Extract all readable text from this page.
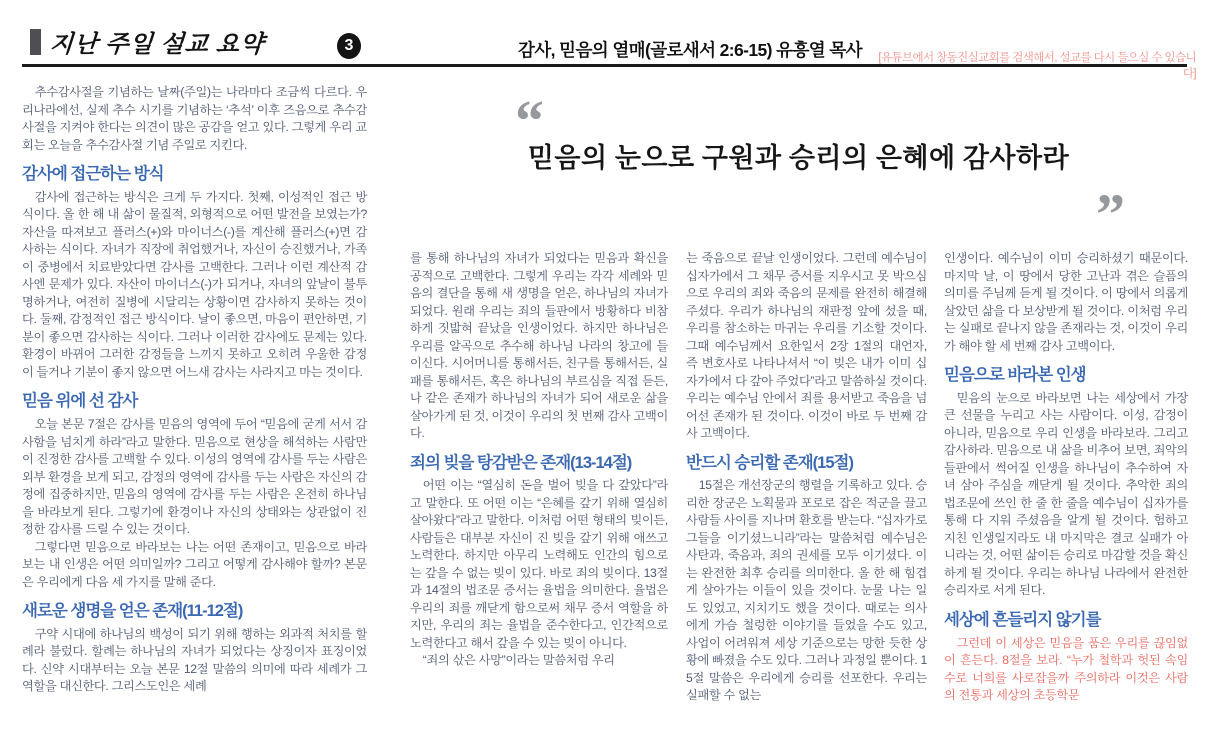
지난 주일 설교 요약	3	감사, 믿음의 열매(골로새서 2:6-15) 유흥열 목사	[유튜브에서 창동진실교회를 검색해서, 설교를 다시 들으실 수 있습니다]
“
믿음의 눈으로 구원과 승리의 은혜에 감사하라
”

추수감사절을 기념하는 날짜(주일)는 나라마다 조금씩 다르다. 우리나라에선, 실제 추수 시기를 기념하는 ‘추석’ 이후 즈음으로 추수감사절을 지켜야 한다는 의견이 많은 공감을 얻고 있다. 그렇게 우리 교회는 오늘을 추수감사절 기념 주일로 지킨다.

감사에 접근하는 방식

감사에 접근하는 방식은 크게 두 가지다. 첫째, 이성적인 접근 방식이다. 올 한 해 내 삶이 물질적, 외형적으로 어떤 발전을 보였는가? 자산을 따져보고 플러스(+)와 마이너스(-)를 계산해 플러스(+)면 감사하는 식이다. 자녀가 직장에 취업했거나, 자신이 승진했거나, 가족이 중병에서 치료받았다면 감사를 고백한다. 그러나 이런 계산적 감사엔 문제가 있다. 자산이 마이너스(-)가 되거나, 자녀의 앞날이 불투명하거나, 여전히 질병에 시달리는 상황이면 감사하지 못하는 것이다. 둘째, 감정적인 접근 방식이다. 날이 좋으면, 마음이 편안하면, 기분이 좋으면 감사하는 식이다. 그러나 이러한 감사에도 문제는 있다. 환경이 바뀌어 그러한 감정들을 느끼지 못하고 오히려 우울한 감정이 들거나 기분이 좋지 않으면 어느새 감사는 사라지고 마는 것이다.

믿음 위에 선 감사

오늘 본문 7절은 감사를 믿음의 영역에 두어 “믿음에 굳게 서서 감사함을 넘치게 하라”라고 말한다. 믿음으로 현상을 해석하는 사람만이 진정한 감사를 고백할 수 있다. 이성의 영역에 감사를 두는 사람은 외부 환경을 보게 되고, 감정의 영역에 감사를 두는 사람은 자신의 감정에 집중하지만, 믿음의 영역에 감사를 두는 사람은 온전히 하나님을 바라보게 된다. 그렇기에 환경이나 자신의 상태와는 상관없이 진정한 감사를 드릴 수 있는 것이다.

그렇다면 믿음으로 바라보는 나는 어떤 존재이고, 믿음으로 바라보는 내 인생은 어떤 의미일까? 그리고 어떻게 감사해야 할까? 본문은 우리에게 다음 세 가지를 말해 준다.

새로운 생명을 얻은 존재(11-12절)

구약 시대에 하나님의 백성이 되기 위해 행하는 외과적 처치를 할례라 불렀다. 할례는 하나님의 자녀가 되었다는 상징이자 표징이었다. 신약 시대부터는 오늘 본문 12절 말씀의 의미에 따라 세례가 그 역할을 대신한다. 그리스도인은 세례

를 통해 하나님의 자녀가 되었다는 믿음과 확신을 공적으로 고백한다. 그렇게 우리는 각각 세례와 믿음의 결단을 통해 새 생명을 얻은, 하나님의 자녀가 되었다. 원래 우리는 죄의 들판에서 방황하다 비참하게 짓밟혀 끝났을 인생이었다. 하지만 하나님은 우리를 알곡으로 추수해 하나님 나라의 창고에 들이신다. 시어머니를 통해서든, 친구를 통해서든, 실패를 통해서든, 혹은 하나님의 부르심을 직접 듣든, 나 같은 존재가 하나님의 자녀가 되어 새로운 삶을 살아가게 된 것, 이것이 우리의 첫 번째 감사 고백이다.

죄의 빚을 탕감받은 존재(13-14절)

어떤 이는 “열심히 돈을 벌어 빚을 다 갚았다”라고 말한다. 또 어떤 이는 “은혜를 갚기 위해 열심히 살아왔다”라고 말한다. 이처럼 어떤 형태의 빚이든, 사람들은 대부분 자신이 진 빚을 갚기 위해 애쓰고 노력한다. 하지만 아무리 노력해도 인간의 힘으로는 갚을 수 없는 빚이 있다. 바로 죄의 빚이다. 13절과 14절의 법조문 증서는 율법을 의미한다. 율법은 우리의 죄를 깨닫게 함으로써 채무 증서 역할을 하지만, 우리의 죄는 율법을 준수한다고, 인간적으로 노력한다고 해서 갚을 수 있는 빚이 아니다.

“죄의 삯은 사망”이라는 말씀처럼 우리

는 죽음으로 끝날 인생이었다. 그런데 예수님이 십자가에서 그 채무 증서를 지우시고 못 박으심으로 우리의 죄와 죽음의 문제를 완전히 해결해 주셨다. 우리가 하나님의 재판정 앞에 섰을 때, 우리를 참소하는 마귀는 우리를 기소할 것이다. 그때 예수님께서 요한일서 2장 1절의 대언자, 즉 변호사로 나타나셔서 “이 빚은 내가 이미 십자가에서 다 갚아 주었다”라고 말씀하실 것이다. 우리는 예수님 안에서 죄를 용서받고 죽음을 넘어선 존재가 된 것이다. 이것이 바로 두 번째 감사 고백이다.

반드시 승리할 존재(15절)

15절은 개선장군의 행렬을 기록하고 있다. 승리한 장군은 노획물과 포로로 잡은 적군을 끌고 사람들 사이를 지나며 환호를 받는다. “십자가로 그들을 이기셨느니라”라는 말씀처럼 예수님은 사탄과, 죽음과, 죄의 권세를 모두 이기셨다. 이는 완전한 최후 승리를 의미한다. 올 한 해 힘겹게 살아가는 이들이 있을 것이다. 눈물 나는 일도 있었고, 지치기도 했을 것이다. 때로는 의사에게 가슴 철렁한 이야기를 들었을 수도 있고, 사업이 어려워져 세상 기준으로는 망한 듯한 상황에 빠졌을 수도 있다. 그러나 과정일 뿐이다. 15절 말씀은 우리에게 승리를 선포한다. 우리는 실패할 수 없는

인생이다. 예수님이 이미 승리하셨기 때문이다. 마지막 날, 이 땅에서 당한 고난과 겪은 슬픔의 의미를 주님께 듣게 될 것이다. 이 땅에서 의롭게 살았던 삶을 다 보상받게 될 것이다. 이처럼 우리는 실패로 끝나지 않을 존재라는 것, 이것이 우리가 해야 할 세 번째 감사 고백이다.

믿음으로 바라본 인생

믿음의 눈으로 바라보면 나는 세상에서 가장 큰 선물을 누리고 사는 사람이다. 이성, 감정이 아니라, 믿음으로 우리 인생을 바라보라. 그리고 감사하라. 믿음으로 내 삶을 비추어 보면, 죄악의 들판에서 썩어질 인생을 하나님이 추수하여 자녀 삼아 주심을 깨닫게 될 것이다. 추악한 죄의 법조문에 쓰인 한 줄 한 줄을 예수님이 십자가를 통해 다 지워 주셨음을 알게 될 것이다. 험하고 지친 인생일지라도 내 마지막은 결코 실패가 아니라는 것, 어떤 삶이든 승리로 마감할 것을 확신하게 될 것이다. 우리는 하나님 나라에서 완전한 승리자로 서게 된다.

세상에 흔들리지 않기를

그런데 이 세상은 믿음을 품은 우리를 끊임없이 흔든다. 8절을 보라. “누가 철학과 헛된 속임수로 너희를 사로잡을까 주의하라 이것은 사람의 전통과 세상의 초등학문
